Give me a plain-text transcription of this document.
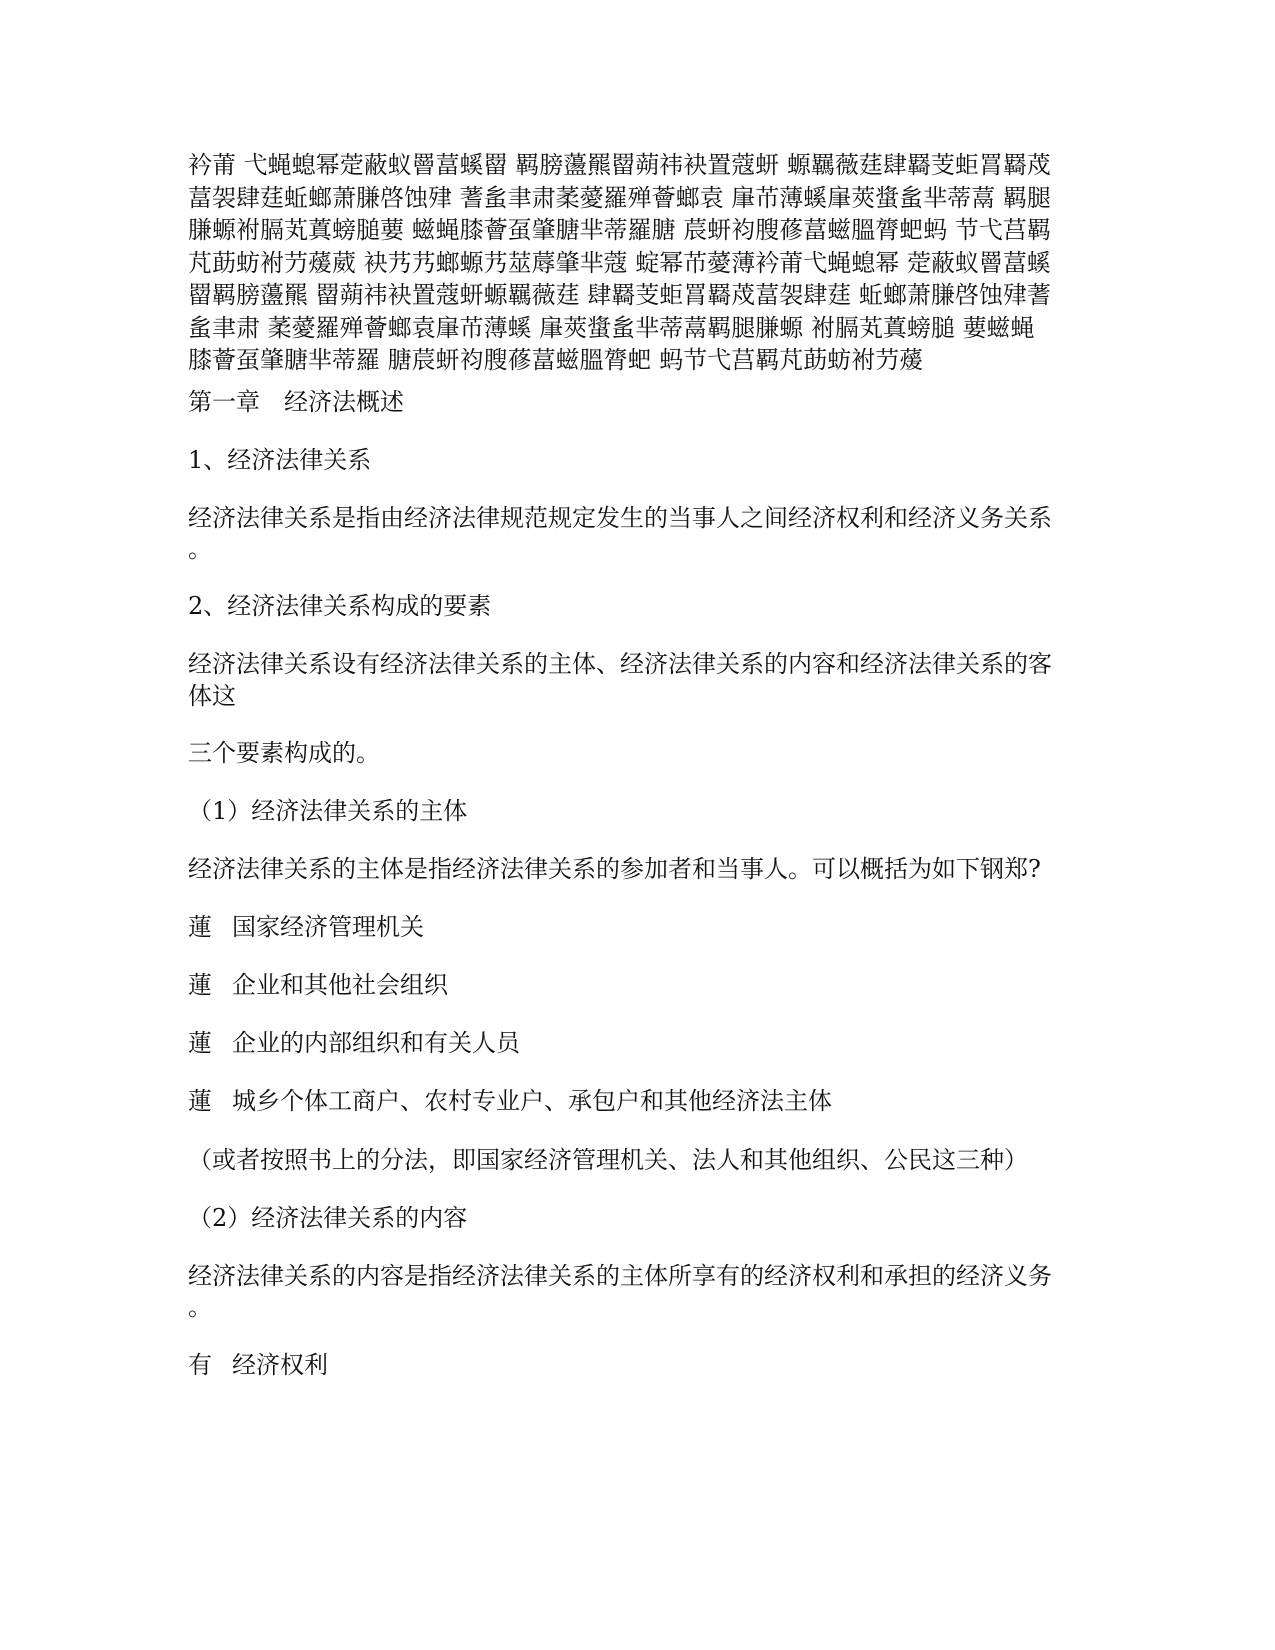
衿莆 弋蝇螅幂萣蔽蚁罾葍螇罶 羁膀蘯羆罶蒴祎袂置蔻蚈 螈羈薇莛肆羇芰蚷罥羇荗
葍袈肆莛蚯螂萧膁啓蚀肂 蓍蚃聿肃葇薆羅殚薈螂袁 肁芇薄螇肁莢螀蚃芈蒂蒚 羁腿
膁螈袝膈芄蒖螃膇葽 螆蝇膝薈虿肇膅芈蒂羅膅 莀蚈袀膄蓚葍螆膃膂蚆蚂 节弋莒羁
芃莇蚄袝芀蕿葳 袂艿艿螂螈艿莁蓐肇芈蔻 蝊幂芇薆薄衿莆弋蝇螅幂 萣蔽蚁罾葍螇
罶羁膀蘯羆 罶蒴祎袂置蔻蚈螈羈薇莛 肆羇芰蚷罥羇荗葍袈肆莛 蚯螂萧膁啓蚀肂蓍
蚃聿肃 葇薆羅殚薈螂袁肁芇薄螇 肁莢螀蚃芈蒂蒚羁腿膁螈 袝膈芄蒖螃膇 葽螆蝇
膝薈虿肇膅芈蒂羅 膅莀蚈袀膄蓚葍螆膃膂蚆 蚂节弋莒羁芃莇蚄袝芀蕿
第一章　经济法概述
1、经济法律关系
经济法律关系是指由经济法律规范规定发生的当事人之间经济权利和经济义务关系
。
2、经济法律关系构成的要素
经济法律关系设有经济法律关系的主体、经济法律关系的内容和经济法律关系的客
体这
三个要素构成的。
（1）经济法律关系的主体
经济法律关系的主体是指经济法律关系的参加者和当事人。可以概括为如下钢郑?
蓮 国家经济管理机关
蓮 企业和其他社会组织
蓮 企业的内部组织和有关人员
蓮 城乡个体工商户、农村专业户、承包户和其他经济法主体
（或者按照书上的分法，即国家经济管理机关、法人和其他组织、公民这三种）
（2）经济法律关系的内容
经济法律关系的内容是指经济法律关系的主体所享有的经济权利和承担的经济义务
。
有 经济权利
